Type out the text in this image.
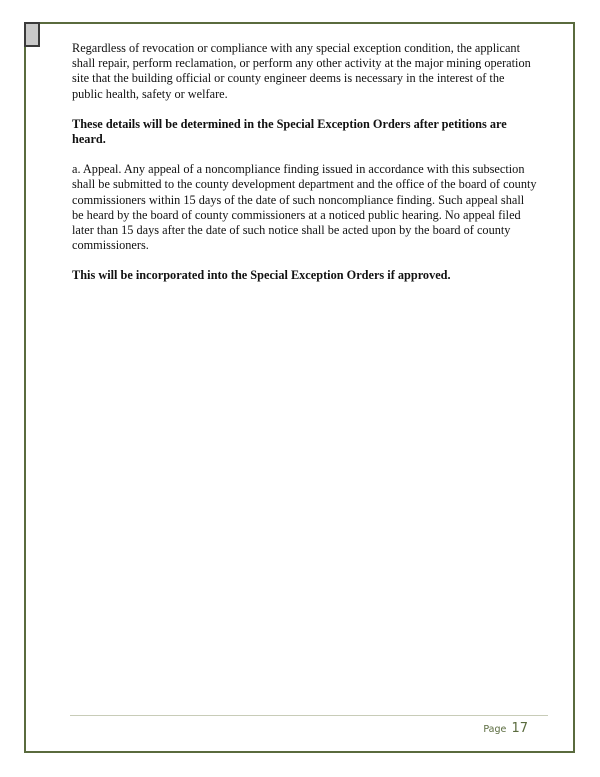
Regardless of revocation or compliance with any special exception condition, the applicant shall repair, perform reclamation, or perform any other activity at the major mining operation site that the building official or county engineer deems is necessary in the interest of the public health, safety or welfare.

These details will be determined in the Special Exception Orders after petitions are heard.

a. Appeal. Any appeal of a noncompliance finding issued in accordance with this subsection shall be submitted to the county development department and the office of the board of county commissioners within 15 days of the date of such noncompliance finding. Such appeal shall be heard by the board of county commissioners at a noticed public hearing. No appeal filed later than 15 days after the date of such notice shall be acted upon by the board of county commissioners.

This will be incorporated into the Special Exception Orders if approved.

Page 17
